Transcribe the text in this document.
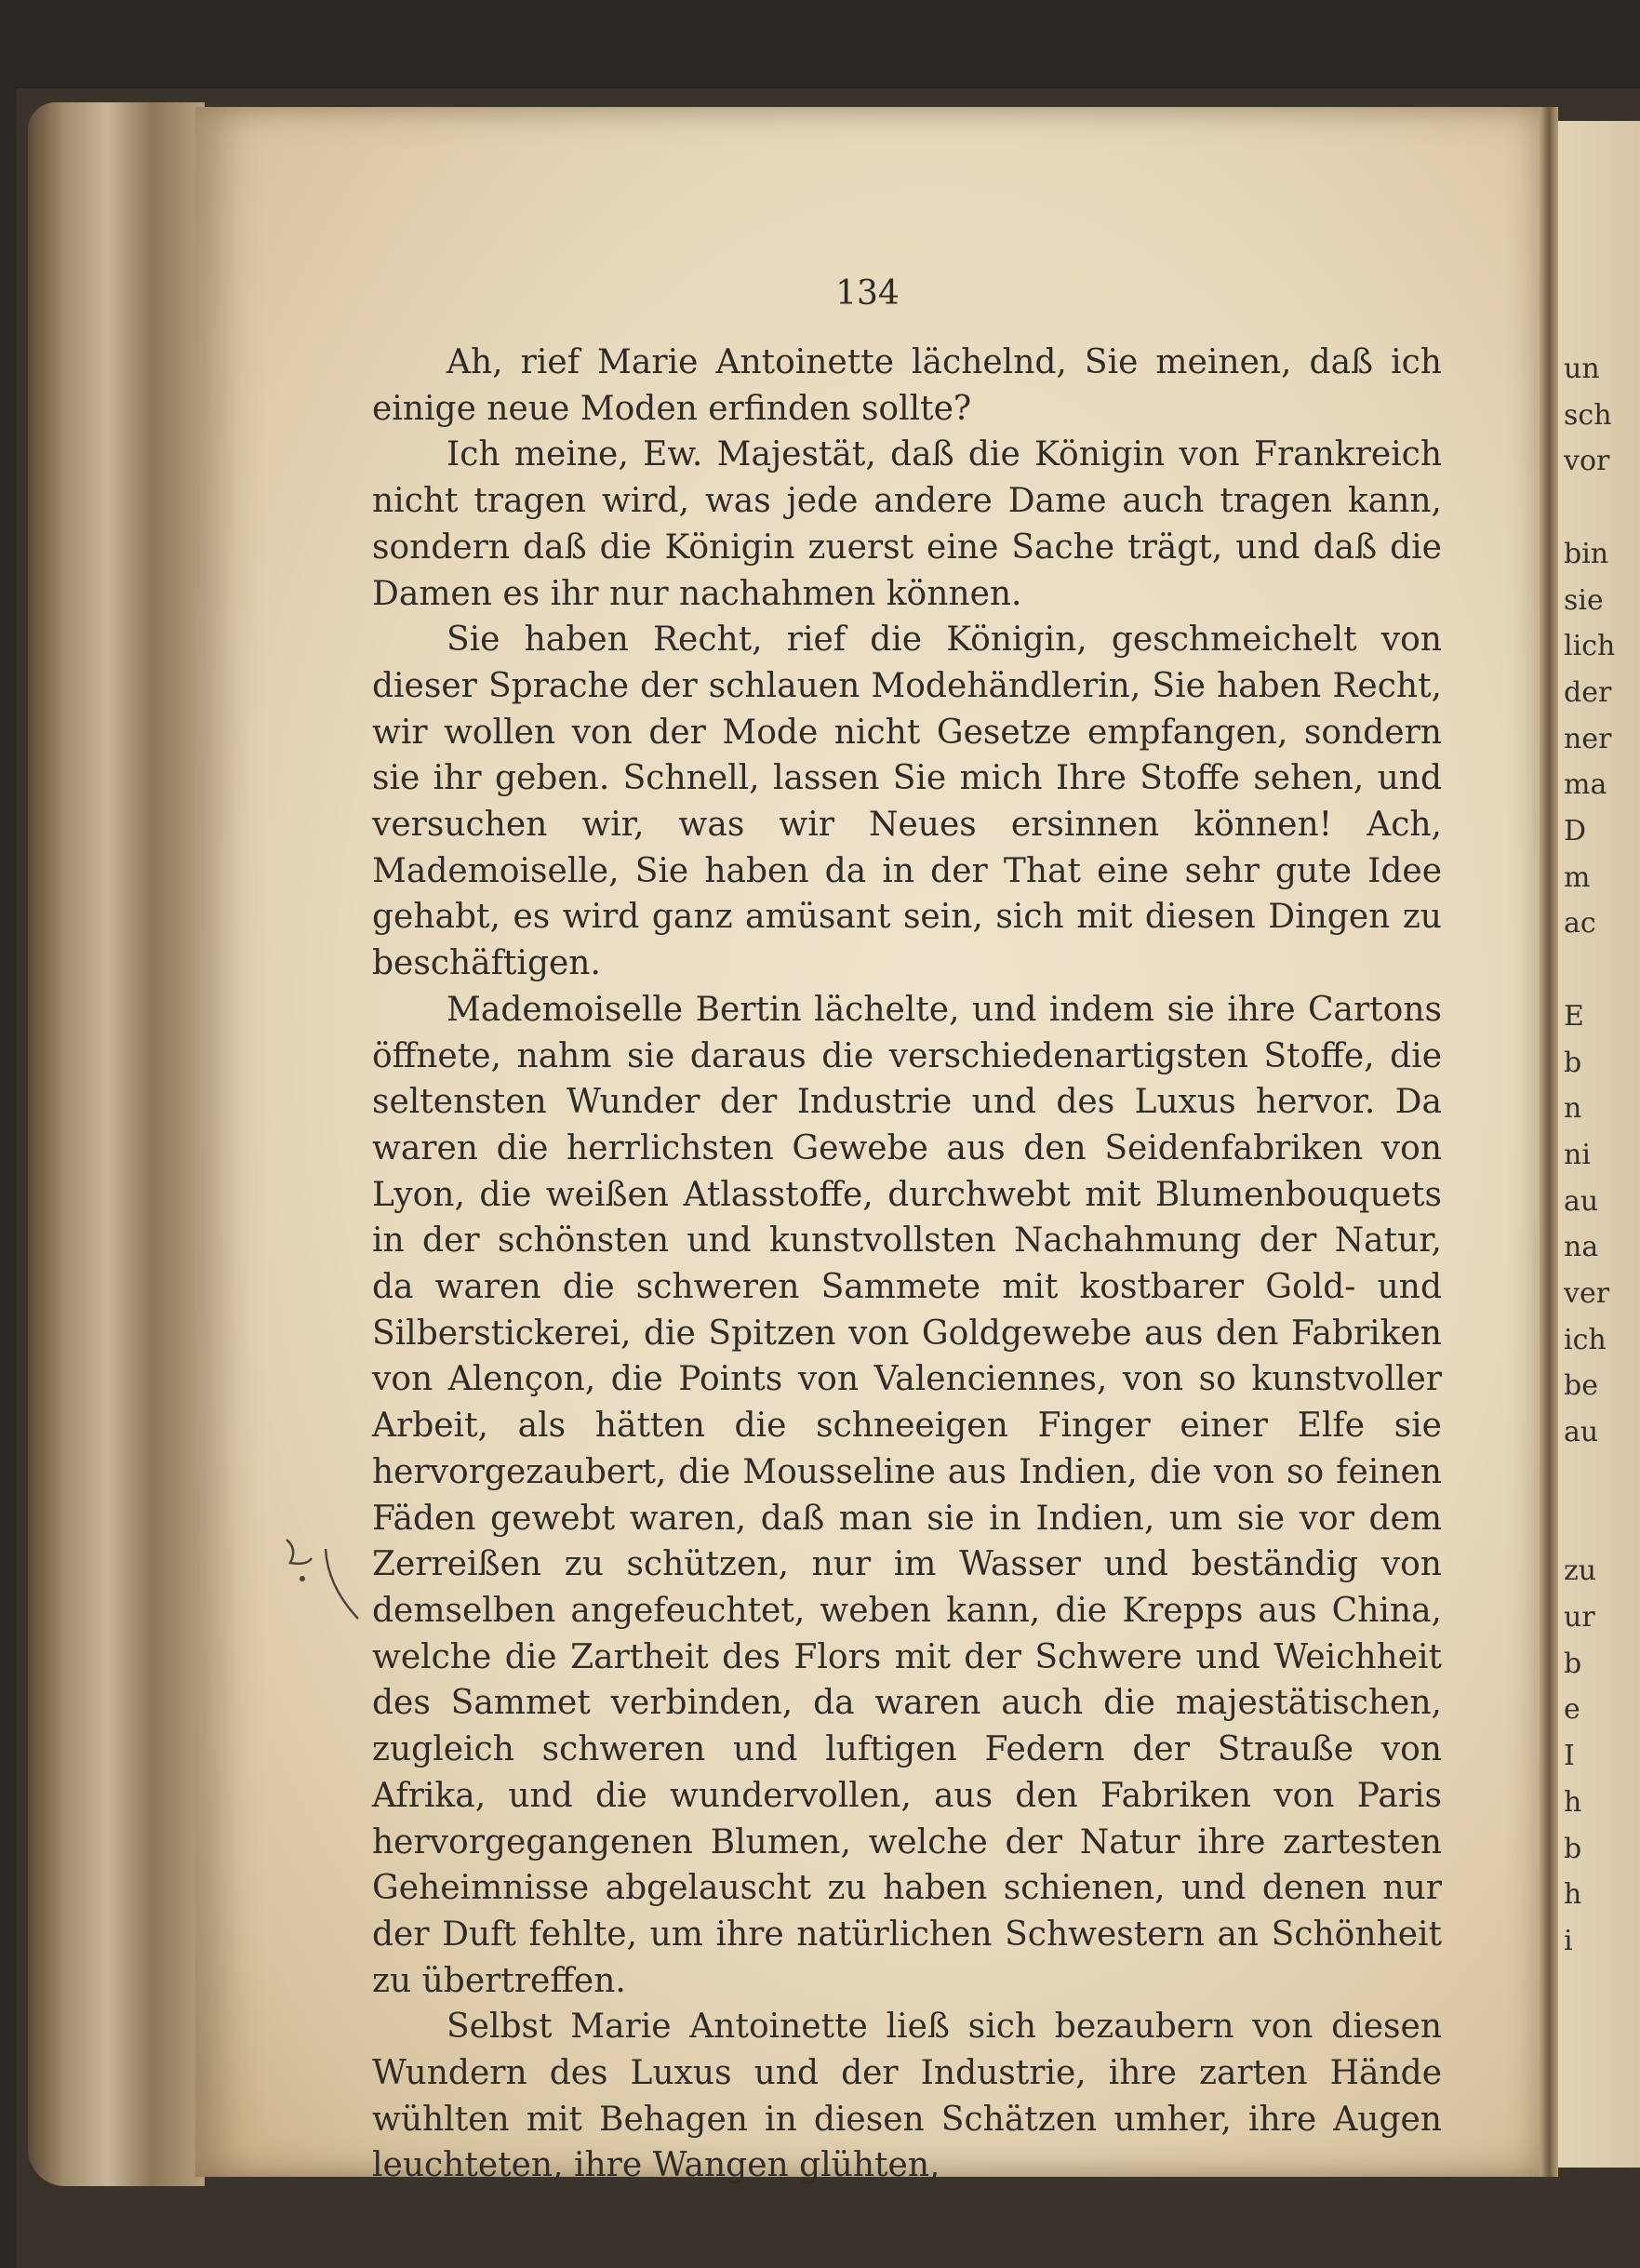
134

Ah, rief Marie Antoinette lächelnd, Sie meinen, daß ich einige neue Moden erfinden sollte?

Ich meine, Ew. Majestät, daß die Königin von Frankreich nicht tragen wird, was jede andere Dame auch tragen kann, sondern daß die Königin zuerst eine Sache trägt, und daß die Damen es ihr nur nachahmen können.

Sie haben Recht, rief die Königin, geschmeichelt von dieser Sprache der schlauen Modehändlerin, Sie haben Recht, wir wollen von der Mode nicht Gesetze empfangen, sondern sie ihr geben. Schnell, lassen Sie mich Ihre Stoffe sehen, und versuchen wir, was wir Neues ersinnen können! Ach, Mademoiselle, Sie haben da in der That eine sehr gute Idee gehabt, es wird ganz amüsant sein, sich mit diesen Dingen zu beschäftigen.

Mademoiselle Bertin lächelte, und indem sie ihre Cartons öffnete, nahm sie daraus die verschiedenartigsten Stoffe, die seltensten Wunder der Industrie und des Luxus hervor. Da waren die herrlichsten Gewebe aus den Seidenfabriken von Lyon, die weißen Atlasstoffe, durchwebt mit Blumenbouquets in der schönsten und kunstvollsten Nachahmung der Natur, da waren die schweren Sammete mit kostbarer Gold- und Silberstickerei, die Spitzen von Goldgewebe aus den Fabriken von Alençon, die Points von Valenciennes, von so kunstvoller Arbeit, als hätten die schneeigen Finger einer Elfe sie hervorgezaubert, die Mousseline aus Indien, die von so feinen Fäden gewebt waren, daß man sie in Indien, um sie vor dem Zerreißen zu schützen, nur im Wasser und beständig von demselben angefeuchtet, weben kann, die Krepps aus China, welche die Zartheit des Flors mit der Schwere und Weichheit des Sammet verbinden, da waren auch die majestätischen, zugleich schweren und luftigen Federn der Strauße von Afrika, und die wundervollen, aus den Fabriken von Paris hervorgegangenen Blumen, welche der Natur ihre zartesten Geheimnisse abgelauscht zu haben schienen, und denen nur der Duft fehlte, um ihre natürlichen Schwestern an Schönheit zu übertreffen.

Selbst Marie Antoinette ließ sich bezaubern von diesen Wundern des Luxus und der Industrie, ihre zarten Hände wühlten mit Behagen in diesen Schätzen umher, ihre Augen leuchteten, ihre Wangen glühten,

un
sch
vor

bin
sie
lich
der
ner
ma
D
m
ac

E
b
n
ni
au
na
ver
ich
be
au

zu
ur
b
e
I
h
b
h
i
